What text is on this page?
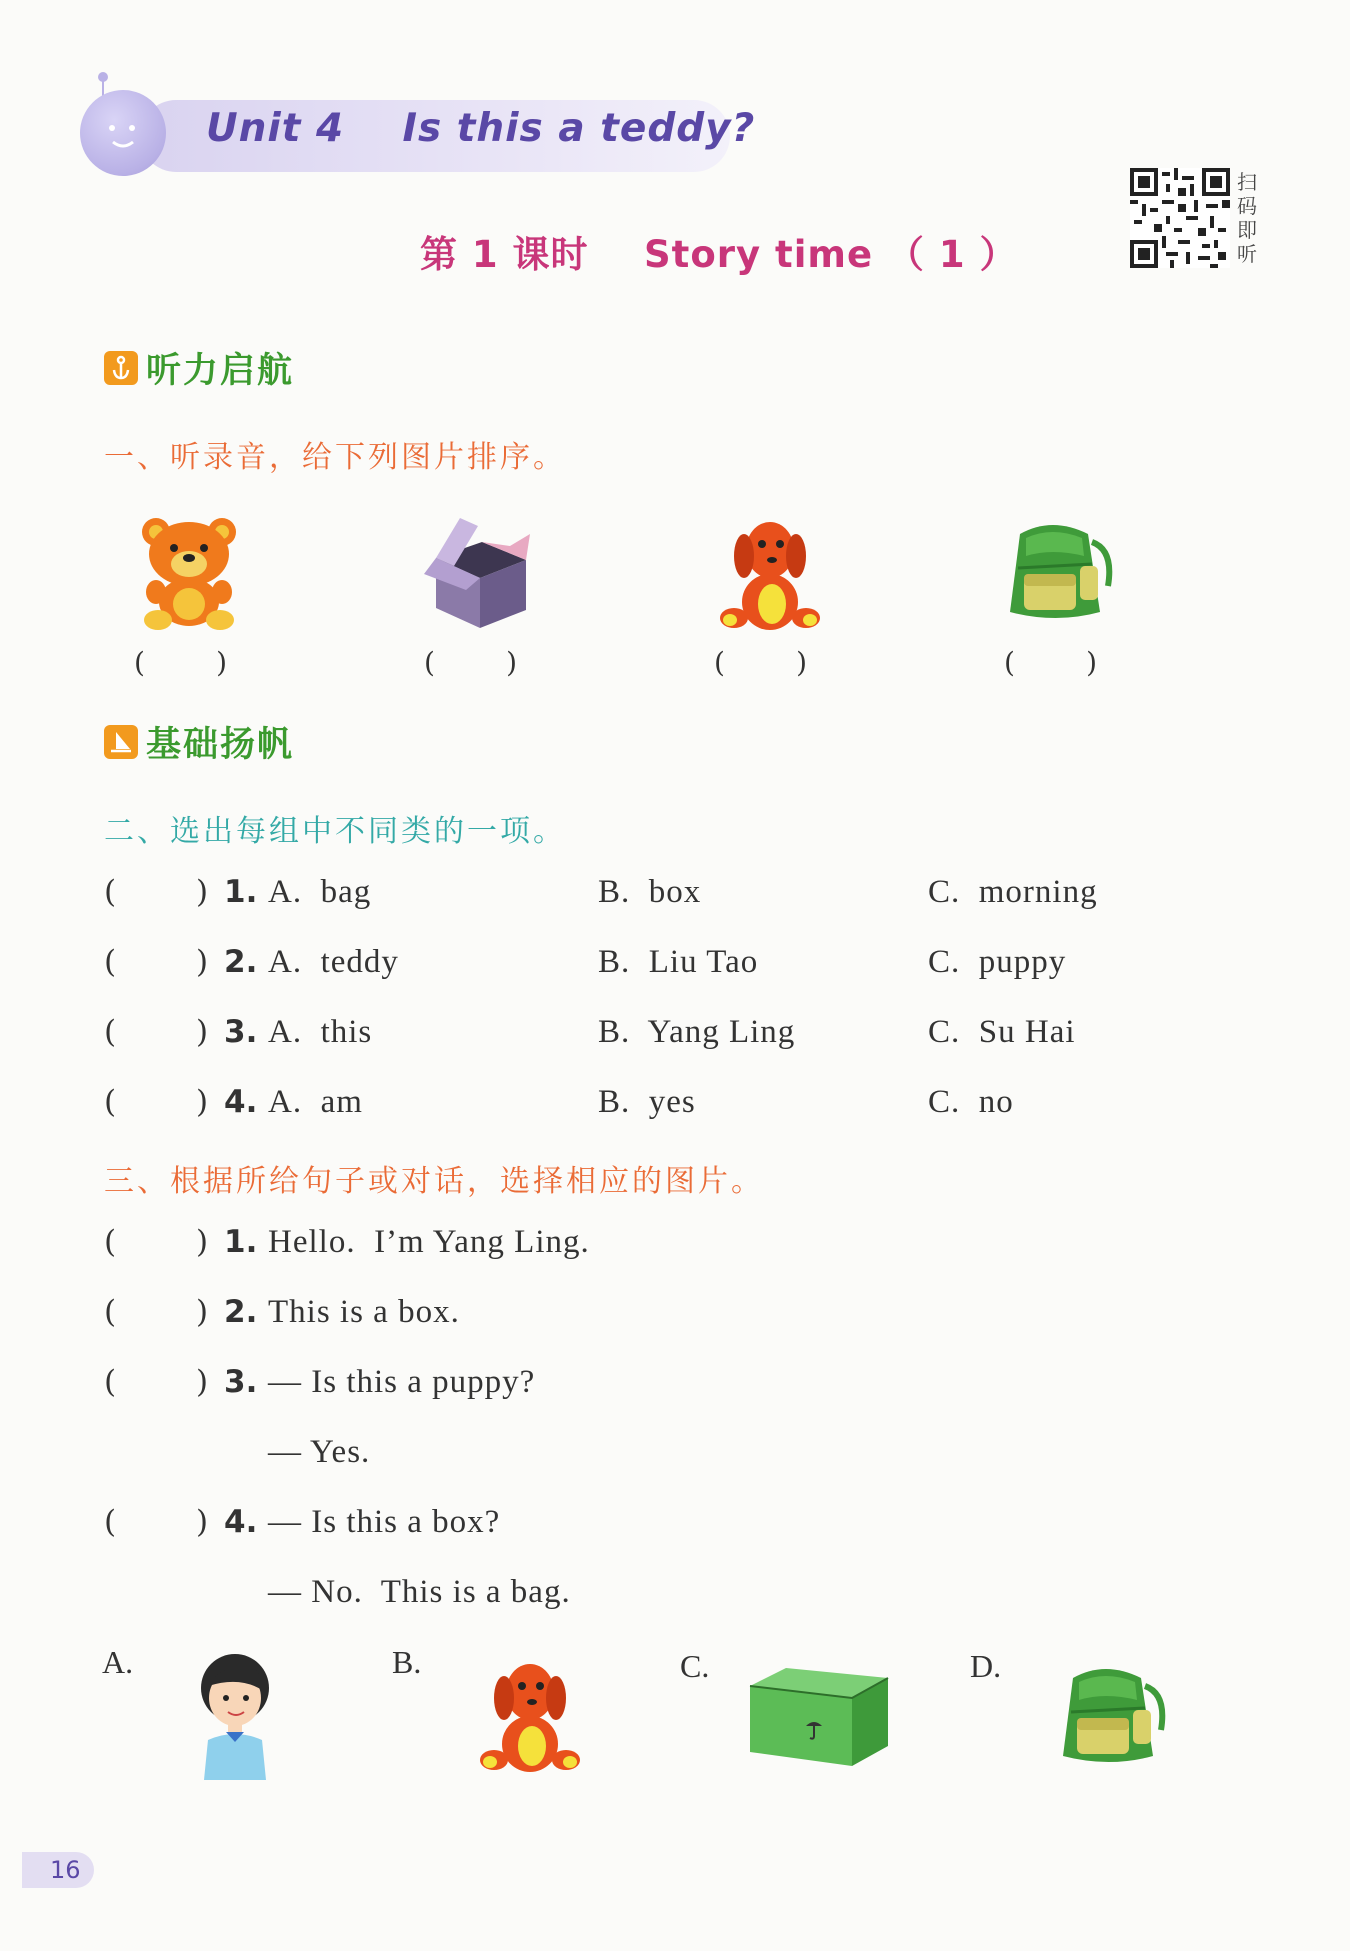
Unit 4    Is this a teddy?
第 1 课时    Story time （ 1 ）
扫码即听
听力启航
一、听录音，给下列图片排序。
(        )	(        )	(        )	(        )
基础扬帆
二、选出每组中不同类的一项。
(	) 1. A.  bag	B.  box	C.  morning
(	) 2. A.  teddy	B.  Liu Tao	C.  puppy
(	) 3. A.  this	B.  Yang Ling	C.  Su Hai
(	) 4. A.  am	B.  yes	C.  no
三、根据所给句子或对话，选择相应的图片。
(	) 1. Hello.  I’m Yang Ling.
(	) 2. This is a box.
(	) 3. — Is this a puppy?
— Yes.
(	) 4. — Is this a box?
— No.  This is a bag.
A.	B.	C.	D.
16
